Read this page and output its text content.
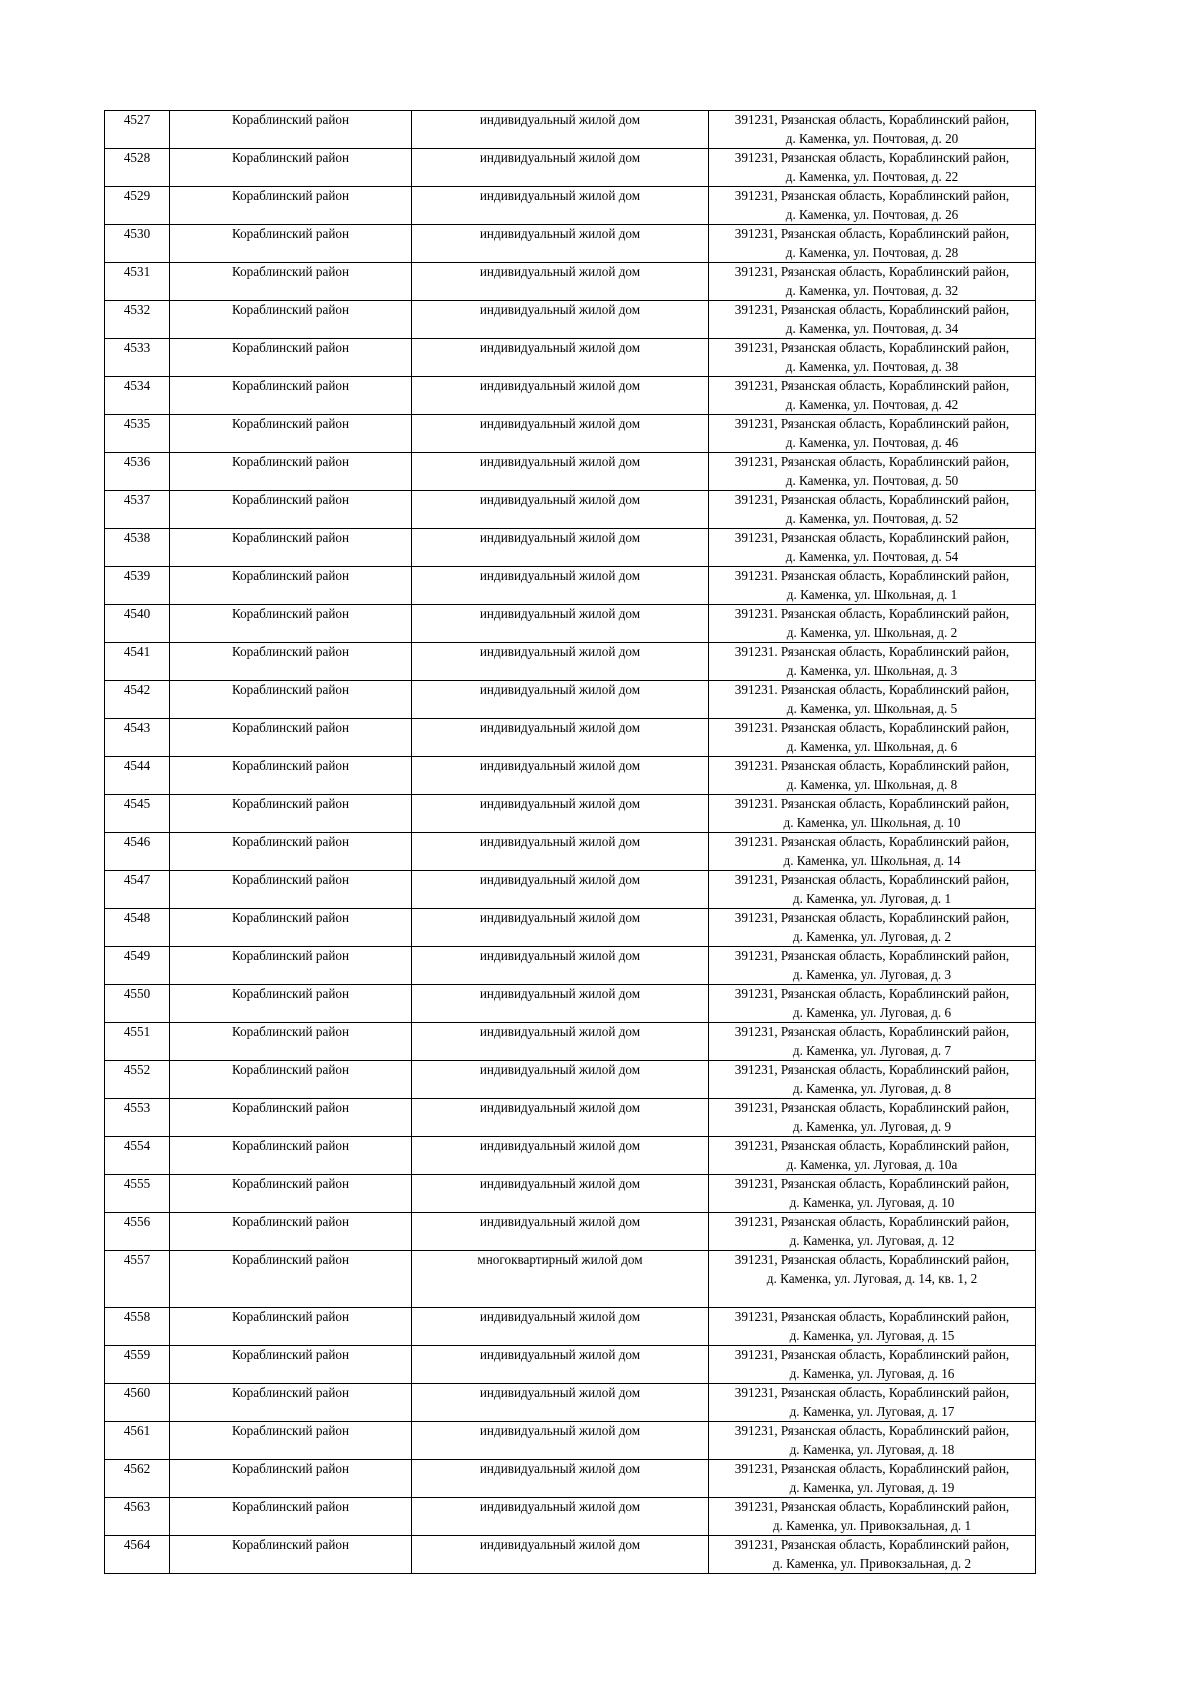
4527	Кораблинский район	индивидуальный жилой дом	391231, Рязанская область, Кораблинский район,
д. Каменка, ул. Почтовая, д. 20

4528	Кораблинский район	индивидуальный жилой дом	391231, Рязанская область, Кораблинский район,
д. Каменка, ул. Почтовая, д. 22

4529	Кораблинский район	индивидуальный жилой дом	391231, Рязанская область, Кораблинский район,
д. Каменка, ул. Почтовая, д. 26

4530	Кораблинский район	индивидуальный жилой дом	391231, Рязанская область, Кораблинский район,
д. Каменка, ул. Почтовая, д. 28

4531	Кораблинский район	индивидуальный жилой дом	391231, Рязанская область, Кораблинский район,
д. Каменка, ул. Почтовая, д. 32

4532	Кораблинский район	индивидуальный жилой дом	391231, Рязанская область, Кораблинский район,
д. Каменка, ул. Почтовая, д. 34

4533	Кораблинский район	индивидуальный жилой дом	391231, Рязанская область, Кораблинский район,
д. Каменка, ул. Почтовая, д. 38

4534	Кораблинский район	индивидуальный жилой дом	391231, Рязанская область, Кораблинский район,
д. Каменка, ул. Почтовая, д. 42

4535	Кораблинский район	индивидуальный жилой дом	391231, Рязанская область, Кораблинский район,
д. Каменка, ул. Почтовая, д. 46

4536	Кораблинский район	индивидуальный жилой дом	391231, Рязанская область, Кораблинский район,
д. Каменка, ул. Почтовая, д. 50

4537	Кораблинский район	индивидуальный жилой дом	391231, Рязанская область, Кораблинский район,
д. Каменка, ул. Почтовая, д. 52

4538	Кораблинский район	индивидуальный жилой дом	391231, Рязанская область, Кораблинский район,
д. Каменка, ул. Почтовая, д. 54

4539	Кораблинский район	индивидуальный жилой дом	391231. Рязанская область, Кораблинский район,
д. Каменка, ул. Школьная, д. 1

4540	Кораблинский район	индивидуальный жилой дом	391231. Рязанская область, Кораблинский район,
д. Каменка, ул. Школьная, д. 2

4541	Кораблинский район	индивидуальный жилой дом	391231. Рязанская область, Кораблинский район,
д. Каменка, ул. Школьная, д. 3

4542	Кораблинский район	индивидуальный жилой дом	391231. Рязанская область, Кораблинский район,
д. Каменка, ул. Школьная, д. 5

4543	Кораблинский район	индивидуальный жилой дом	391231. Рязанская область, Кораблинский район,
д. Каменка, ул. Школьная, д. 6

4544	Кораблинский район	индивидуальный жилой дом	391231. Рязанская область, Кораблинский район,
д. Каменка, ул. Школьная, д. 8

4545	Кораблинский район	индивидуальный жилой дом	391231. Рязанская область, Кораблинский район,
д. Каменка, ул. Школьная, д. 10

4546	Кораблинский район	индивидуальный жилой дом	391231. Рязанская область, Кораблинский район,
д. Каменка, ул. Школьная, д. 14

4547	Кораблинский район	индивидуальный жилой дом	391231, Рязанская область, Кораблинский район,
д. Каменка, ул. Луговая, д. 1

4548	Кораблинский район	индивидуальный жилой дом	391231, Рязанская область, Кораблинский район,
д. Каменка, ул. Луговая, д. 2

4549	Кораблинский район	индивидуальный жилой дом	391231, Рязанская область, Кораблинский район,
д. Каменка, ул. Луговая, д. 3

4550	Кораблинский район	индивидуальный жилой дом	391231, Рязанская область, Кораблинский район,
д. Каменка, ул. Луговая, д. 6

4551	Кораблинский район	индивидуальный жилой дом	391231, Рязанская область, Кораблинский район,
д. Каменка, ул. Луговая, д. 7

4552	Кораблинский район	индивидуальный жилой дом	391231, Рязанская область, Кораблинский район,
д. Каменка, ул. Луговая, д. 8

4553	Кораблинский район	индивидуальный жилой дом	391231, Рязанская область, Кораблинский район,
д. Каменка, ул. Луговая, д. 9

4554	Кораблинский район	индивидуальный жилой дом	391231, Рязанская область, Кораблинский район,
д. Каменка, ул. Луговая, д. 10а

4555	Кораблинский район	индивидуальный жилой дом	391231, Рязанская область, Кораблинский район,
д. Каменка, ул. Луговая, д. 10

4556	Кораблинский район	индивидуальный жилой дом	391231, Рязанская область, Кораблинский район,
д. Каменка, ул. Луговая, д. 12

4557	Кораблинский район	многоквартирный жилой дом	391231, Рязанская область, Кораблинский район,
д. Каменка, ул. Луговая, д. 14, кв. 1, 2

4558	Кораблинский район	индивидуальный жилой дом	391231, Рязанская область, Кораблинский район,
д. Каменка, ул. Луговая, д. 15

4559	Кораблинский район	индивидуальный жилой дом	391231, Рязанская область, Кораблинский район,
д. Каменка, ул. Луговая, д. 16

4560	Кораблинский район	индивидуальный жилой дом	391231, Рязанская область, Кораблинский район,
д. Каменка, ул. Луговая, д. 17

4561	Кораблинский район	индивидуальный жилой дом	391231, Рязанская область, Кораблинский район,
д. Каменка, ул. Луговая, д. 18

4562	Кораблинский район	индивидуальный жилой дом	391231, Рязанская область, Кораблинский район,
д. Каменка, ул. Луговая, д. 19

4563	Кораблинский район	индивидуальный жилой дом	391231, Рязанская область, Кораблинский район,
д. Каменка, ул. Привокзальная, д. 1

4564	Кораблинский район	индивидуальный жилой дом	391231, Рязанская область, Кораблинский район,
д. Каменка, ул. Привокзальная, д. 2
